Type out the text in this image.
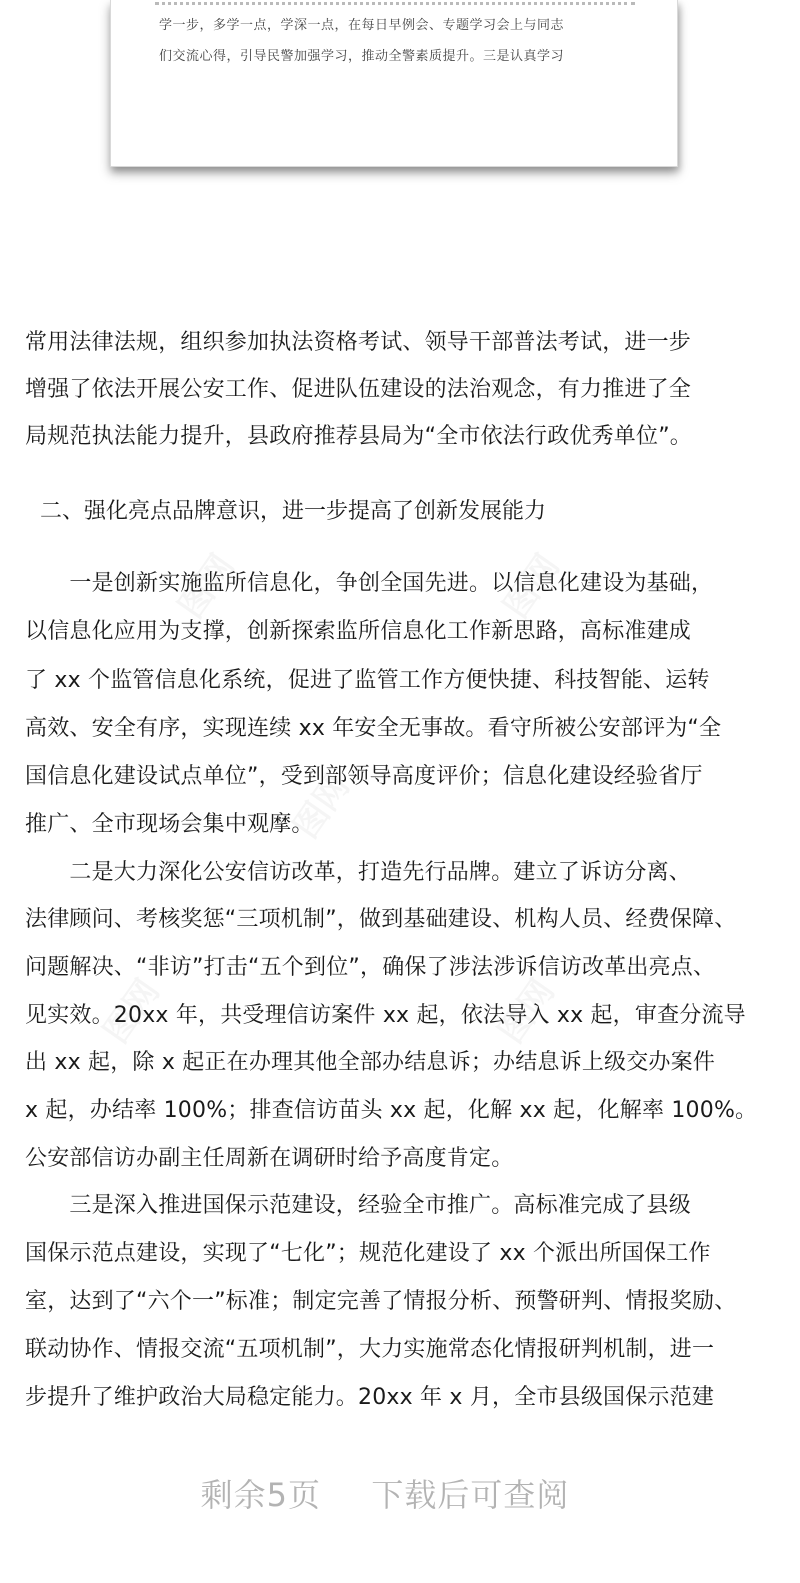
学一步，多学一点，学深一点，在每日早例会、专题学习会上与同志
们交流心得，引导民警加强学习，推动全警素质提升。三是认真学习
常用法律法规，组织参加执法资格考试、领导干部普法考试，进一步
增强了依法开展公安工作、促进队伍建设的法治观念，有力推进了全
局规范执法能力提升，县政府推荐县局为“全市依法行政优秀单位”。
二、强化亮点品牌意识，进一步提高了创新发展能力
　　一是创新实施监所信息化，争创全国先进。以信息化建设为基础，
以信息化应用为支撑，创新探索监所信息化工作新思路，高标准建成
了 xx 个监管信息化系统，促进了监管工作方便快捷、科技智能、运转
高效、安全有序，实现连续 xx 年安全无事故。看守所被公安部评为“全
国信息化建设试点单位”，受到部领导高度评价；信息化建设经验省厅
推广、全市现场会集中观摩。
　　二是大力深化公安信访改革，打造先行品牌。建立了诉访分离、
法律顾问、考核奖惩“三项机制”，做到基础建设、机构人员、经费保障、
问题解决、“非访”打击“五个到位”，确保了涉法涉诉信访改革出亮点、
见实效。20xx 年，共受理信访案件 xx 起，依法导入 xx 起，审查分流导
出 xx 起，除 x 起正在办理其他全部办结息诉；办结息诉上级交办案件
x 起，办结率 100%；排查信访苗头 xx 起，化解 xx 起，化解率 100%。
公安部信访办副主任周新在调研时给予高度肯定。
　　三是深入推进国保示范建设，经验全市推广。高标准完成了县级
国保示范点建设，实现了“七化”；规范化建设了 xx 个派出所国保工作
室，达到了“六个一”标准；制定完善了情报分析、预警研判、情报奖励、
联动协作、情报交流“五项机制”，大力实施常态化情报研判机制，进一
步提升了维护政治大局稳定能力。20xx 年 x 月，全市县级国保示范建
剩余5页 下载后可查阅
